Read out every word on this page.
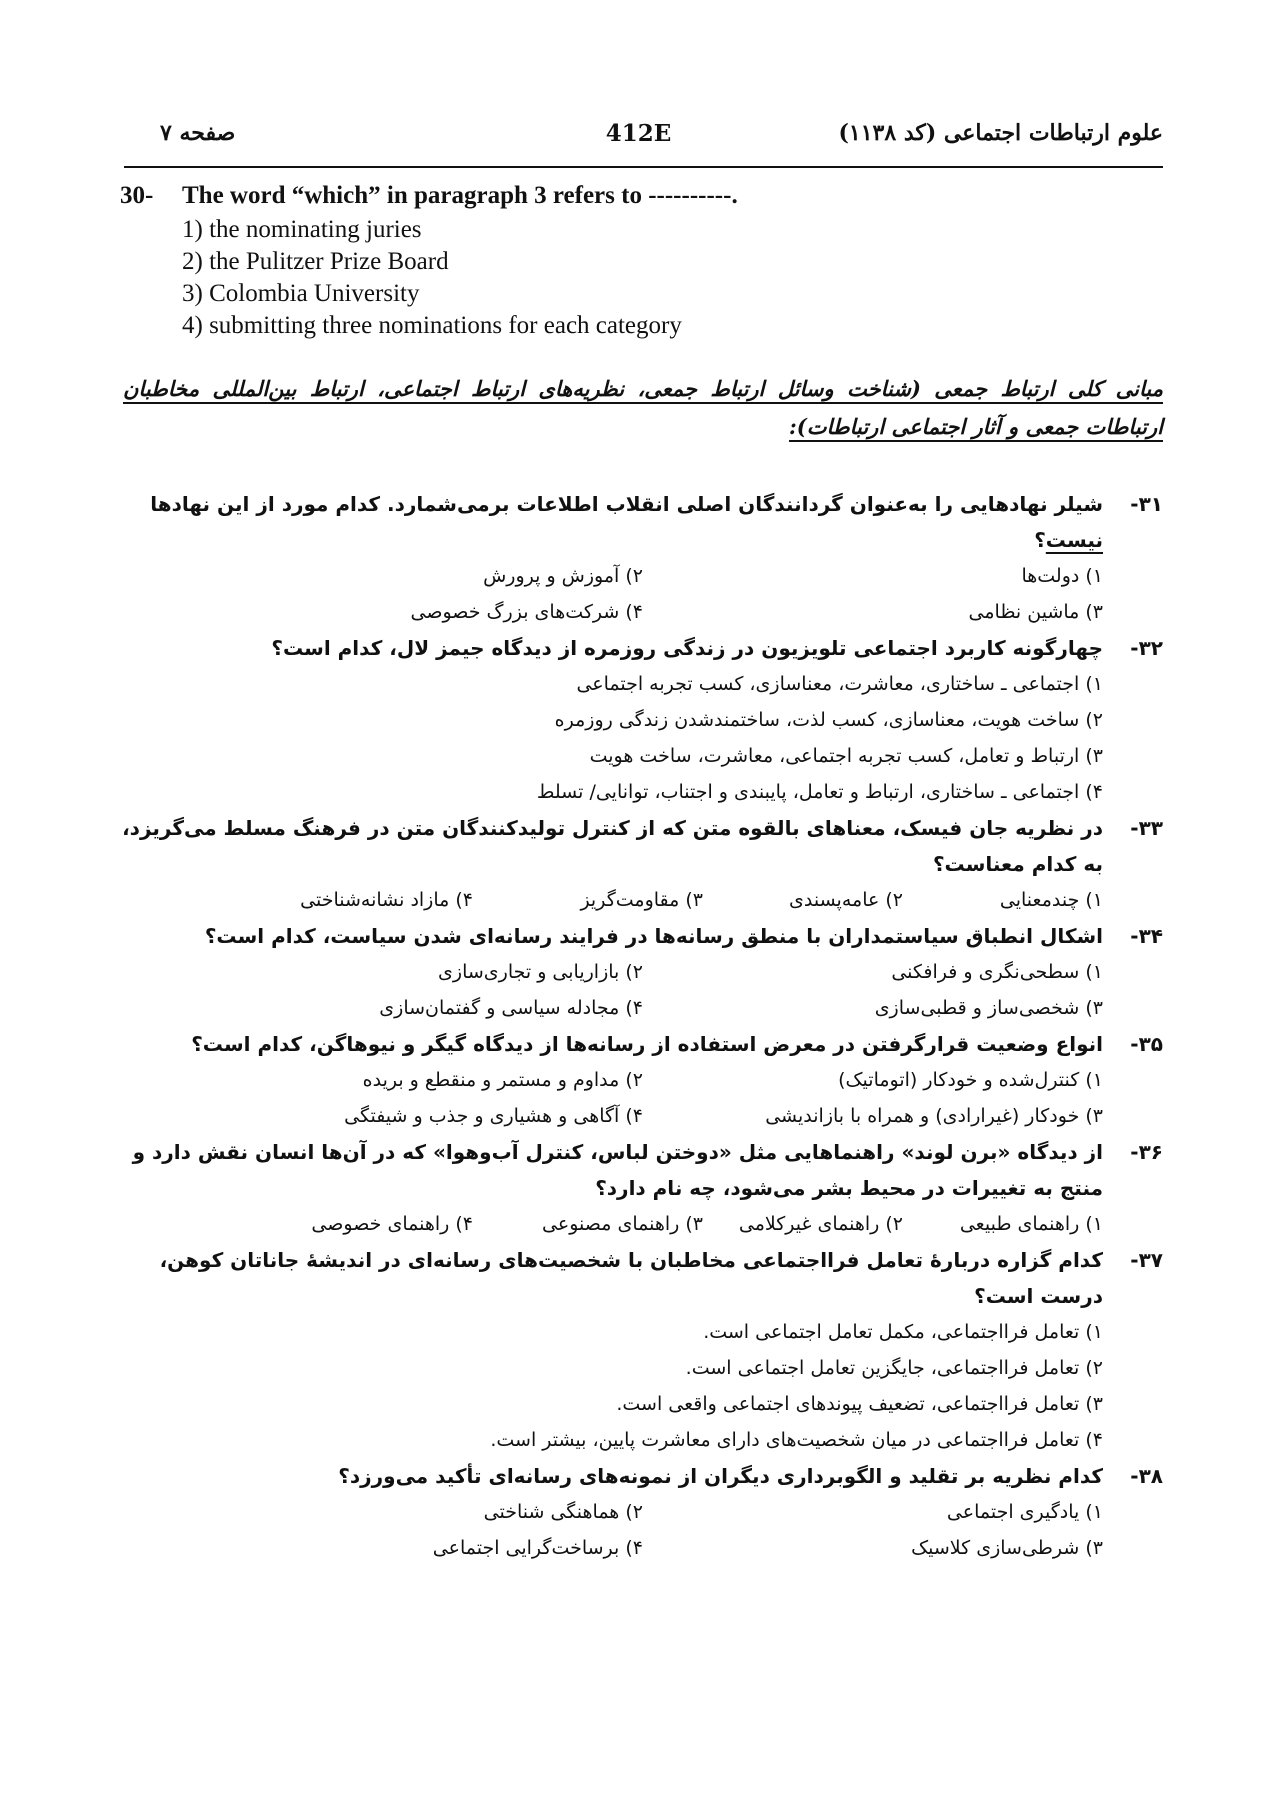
علوم ارتباطات اجتماعی (کد ۱۱۳۸)
412E
صفحه ۷
30- The word “which” in paragraph 3 refers to ----------.
1) the nominating juries
2) the Pulitzer Prize Board
3) Colombia University
4) submitting three nominations for each category
مبانی کلی ارتباط جمعی (شناخت وسائل ارتباط جمعی، نظریه‌های ارتباط اجتماعی، ارتباط بین‌المللی مخاطبان ارتباطات جمعی و آثار اجتماعی ارتباطات):
۳۱-
شیلر نهادهایی را به‌عنوان گردانندگان اصلی انقلاب اطلاعات برمی‌شمارد. کدام مورد از این نهادها نیست؟
۱) دولت‌ها
۲) آموزش و پرورش
۳) ماشین نظامی
۴) شرکت‌های بزرگ خصوصی
۳۲-
چهارگونه کاربرد اجتماعی تلویزیون در زندگی روزمره از دیدگاه جیمز لال، کدام است؟
۱) اجتماعی ـ ساختاری، معاشرت، معناسازی، کسب تجربه اجتماعی
۲) ساخت هویت، معناسازی، کسب لذت، ساختمندشدن زندگی روزمره
۳) ارتباط و تعامل، کسب تجربه اجتماعی، معاشرت، ساخت هویت
۴) اجتماعی ـ ساختاری، ارتباط و تعامل، پایبندی و اجتناب، توانایی/ تسلط
۳۳-
در نظریه جان فیسک، معناهای بالقوه متن که از کنترل تولیدکنندگان متن در فرهنگ مسلط می‌گریزد، به کدام معناست؟
۱) چندمعنایی
۲) عامه‌پسندی
۳) مقاومت‌گریز
۴) مازاد نشانه‌شناختی
۳۴-
اشکال انطباق سیاستمداران با منطق رسانه‌ها در فرایند رسانه‌ای شدن سیاست، کدام است؟
۱) سطحی‌نگری و فرافکنی
۲) بازاریابی و تجاری‌سازی
۳) شخصی‌ساز و قطبی‌سازی
۴) مجادله سیاسی و گفتمان‌سازی
۳۵-
انواع وضعیت قرارگرفتن در معرض استفاده از رسانه‌ها از دیدگاه گیگر و نیوهاگن، کدام است؟
۱) کنترل‌شده و خودکار (اتوماتیک)
۲) مداوم و مستمر و منقطع و بریده
۳) خودکار (غیرارادی) و همراه با بازاندیشی
۴) آگاهی و هشیاری و جذب و شیفتگی
۳۶-
از دیدگاه «برن لوند» راهنماهایی مثل «دوختن لباس، کنترل آب‌وهوا» که در آن‌ها انسان نقش دارد و منتج به تغییرات در محیط بشر می‌شود، چه نام دارد؟
۱) راهنمای طبیعی
۲) راهنمای غیرکلامی
۳) راهنمای مصنوعی
۴) راهنمای خصوصی
۳۷-
کدام گزاره دربارهٔ تعامل فرااجتماعی مخاطبان با شخصیت‌های رسانه‌ای در اندیشهٔ جاناتان کوهن، درست است؟
۱) تعامل فرااجتماعی، مکمل تعامل اجتماعی است.
۲) تعامل فرااجتماعی، جایگزین تعامل اجتماعی است.
۳) تعامل فرااجتماعی، تضعیف پیوندهای اجتماعی واقعی است.
۴) تعامل فرااجتماعی در میان شخصیت‌های دارای معاشرت پایین، بیشتر است.
۳۸-
کدام نظریه بر تقلید و الگوبرداری دیگران از نمونه‌های رسانه‌ای تأکید می‌ورزد؟
۱) یادگیری اجتماعی
۲) هماهنگی شناختی
۳) شرطی‌سازی کلاسیک
۴) برساخت‌گرایی اجتماعی
